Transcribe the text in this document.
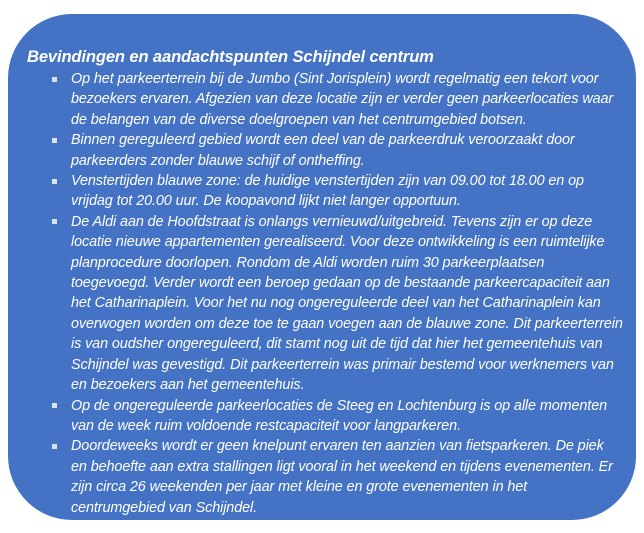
Bevindingen en aandachtspunten Schijndel centrum
Op het parkeerterrein bij de Jumbo (Sint Jorisplein) wordt regelmatig een tekort voor bezoekers ervaren. Afgezien van deze locatie zijn er verder geen parkeerlocaties waar de belangen van de diverse doelgroepen van het centrumgebied botsen.
Binnen gereguleerd gebied wordt een deel van de parkeerdruk veroorzaakt door parkeerders zonder blauwe schijf of ontheffing.
Venstertijden blauwe zone: de huidige venstertijden zijn van 09.00 tot 18.00 en op vrijdag tot 20.00 uur. De koopavond lijkt niet langer opportuun.
De Aldi aan de Hoofdstraat is onlangs vernieuwd/uitgebreid. Tevens zijn er op deze locatie nieuwe appartementen gerealiseerd. Voor deze ontwikkeling is een ruimtelijke planprocedure doorlopen. Rondom de Aldi worden ruim 30 parkeerplaatsen toegevoegd. Verder wordt een beroep gedaan op de bestaande parkeercapaciteit aan het Catharinaplein. Voor het nu nog ongereguleerde deel van het Catharinaplein kan overwogen worden om deze toe te gaan voegen aan de blauwe zone. Dit parkeerterrein is van oudsher ongereguleerd, dit stamt nog uit de tijd dat hier het gemeentehuis van Schijndel was gevestigd. Dit parkeerterrein was primair bestemd voor werknemers van en bezoekers aan het gemeentehuis.
Op de ongereguleerde parkeerlocaties de Steeg en Lochtenburg is op alle momenten van de week ruim voldoende restcapaciteit voor langparkeren.
Doordeweeks wordt er geen knelpunt ervaren ten aanzien van fietsparkeren. De piek en behoefte aan extra stallingen ligt vooral in het weekend en tijdens evenementen. Er zijn circa 26 weekenden per jaar met kleine en grote evenementen in het centrumgebied van Schijndel.
